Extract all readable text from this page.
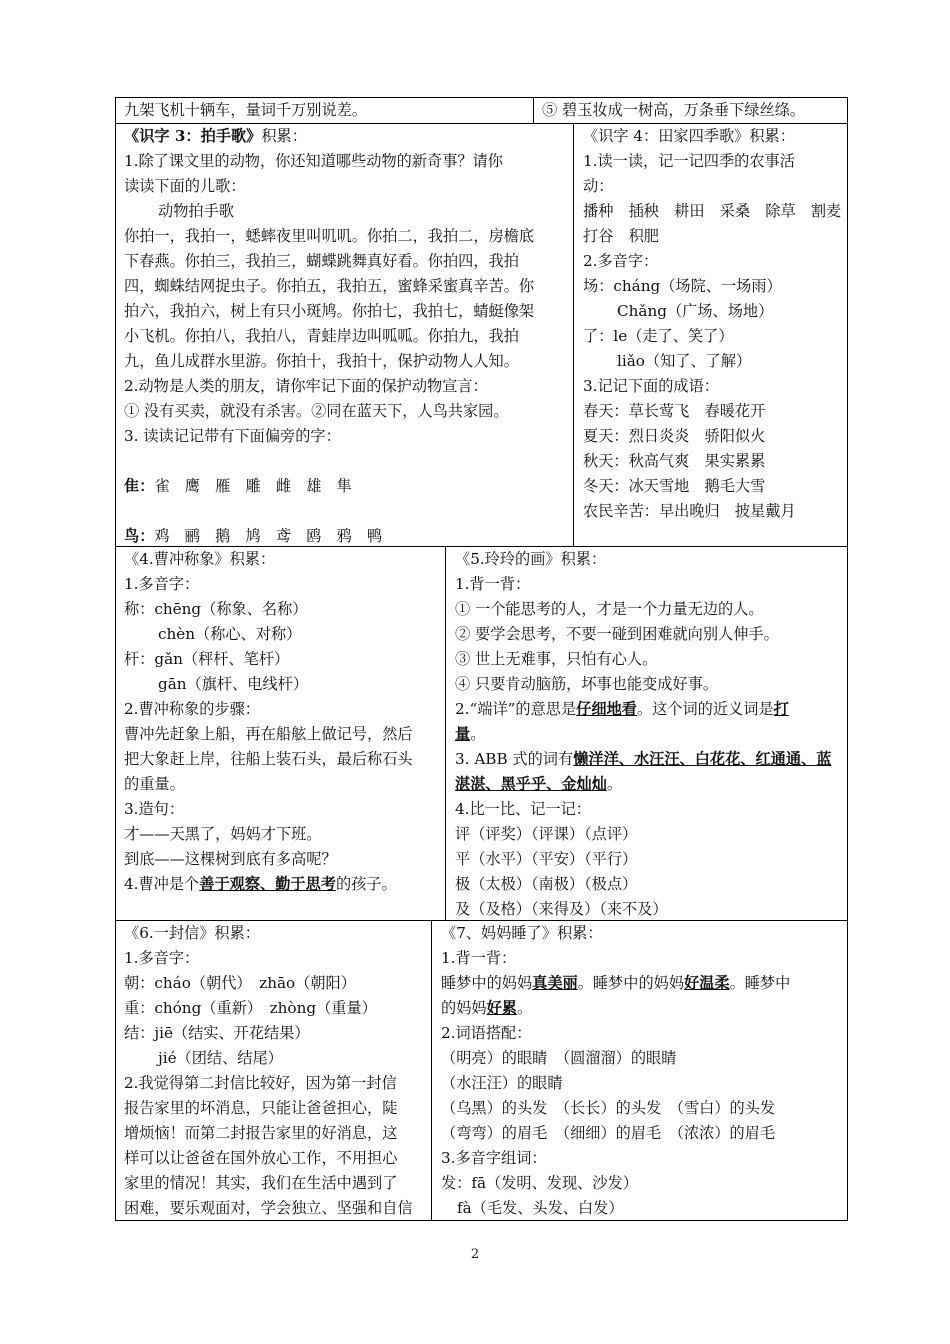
九架飞机十辆车，量词千万别说差。	⑤ 碧玉妆成一树高，万条垂下绿丝绦。
《识字 3：拍手歌》积累：
1.除了课文里的动物，你还知道哪些动物的新奇事？请你
读读下面的儿歌：
动物拍手歌
你拍一，我拍一，蟋蟀夜里叫叽叽。你拍二，我拍二，房檐底
下春燕。你拍三，我拍三，蝴蝶跳舞真好看。你拍四，我拍
四，蜘蛛结网捉虫子。你拍五，我拍五，蜜蜂采蜜真辛苦。你
拍六，我拍六，树上有只小斑鸠。你拍七，我拍七，蜻蜓像架
小飞机。你拍八，我拍八，青蛙岸边叫呱呱。你拍九，我拍
九，鱼儿成群水里游。你拍十，我拍十，保护动物人人知。
2.动物是人类的朋友，请你牢记下面的保护动物宣言：
① 没有买卖，就没有杀害。②同在蓝天下，人鸟共家园。
3. 读读记记带有下面偏旁的字：
隹：雀　鹰　雁　雕　雌　雄　隼
鸟：鸡　鹂　鹅　鸠　鸢　鸥　鸦　鸭
《识字 4：田家四季歌》积累：
1.读一读，记一记四季的农事活
动：
播种　插秧　耕田　采桑　除草　割麦
打谷　积肥
2.多音字：
场：cháng（场院、一场雨）
Chǎng（广场、场地）
了：le（走了、笑了）
liǎo（知了、了解）
3.记记下面的成语：
春天：草长莺飞　春暖花开
夏天：烈日炎炎　骄阳似火
秋天：秋高气爽　果实累累
冬天：冰天雪地　鹅毛大雪
农民辛苦：早出晚归　披星戴月
《4.曹冲称象》积累：
1.多音字：
称：chēng（称象、名称）
chèn（称心、对称）
杆：gǎn（秤杆、笔杆）
gān（旗杆、电线杆）
2.曹冲称象的步骤：
曹冲先赶象上船，再在船舷上做记号，然后
把大象赶上岸，往船上装石头，最后称石头
的重量。
3.造句：
才——天黑了，妈妈才下班。
到底——这棵树到底有多高呢？
4.曹冲是个善于观察、勤于思考的孩子。
《5.玲玲的画》积累：
1.背一背：
① 一个能思考的人，才是一个力量无边的人。
② 要学会思考，不要一碰到困难就向别人伸手。
③ 世上无难事，只怕有心人。
④ 只要肯动脑筋，坏事也能变成好事。
2.“端详”的意思是仔细地看。这个词的近义词是打
量。
3. ABB 式的词有懒洋洋、水汪汪、白花花、红通通、蓝
湛湛、黑乎乎、金灿灿。
4.比一比、记一记：
评（评奖）（评课）（点评）
平（水平）（平安）（平行）
极（太极）（南极）（极点）
及（及格）（来得及）（来不及）
《6.一封信》积累：
1.多音字：
朝：cháo（朝代）　zhāo（朝阳）
重：chóng（重新）　zhòng（重量）
结：jiē（结实、开花结果）
jié（团结、结尾）
2.我觉得第二封信比较好，因为第一封信
报告家里的坏消息，只能让爸爸担心，陡
增烦恼！而第二封报告家里的好消息，这
样可以让爸爸在国外放心工作，不用担心
家里的情况！其实，我们在生活中遇到了
困难，要乐观面对，学会独立、坚强和自信
《7、妈妈睡了》积累：
1.背一背：
睡梦中的妈妈真美丽。睡梦中的妈妈好温柔。睡梦中
的妈妈好累。
2.词语搭配：
（明亮）的眼睛　（圆溜溜）的眼睛
（水汪汪）的眼睛
（乌黑）的头发　（长长）的头发　（雪白）的头发
（弯弯）的眉毛　（细细）的眉毛　（浓浓）的眉毛
3.多音字组词：
发：fā（发明、发现、沙发）
fà（毛发、头发、白发）
2
